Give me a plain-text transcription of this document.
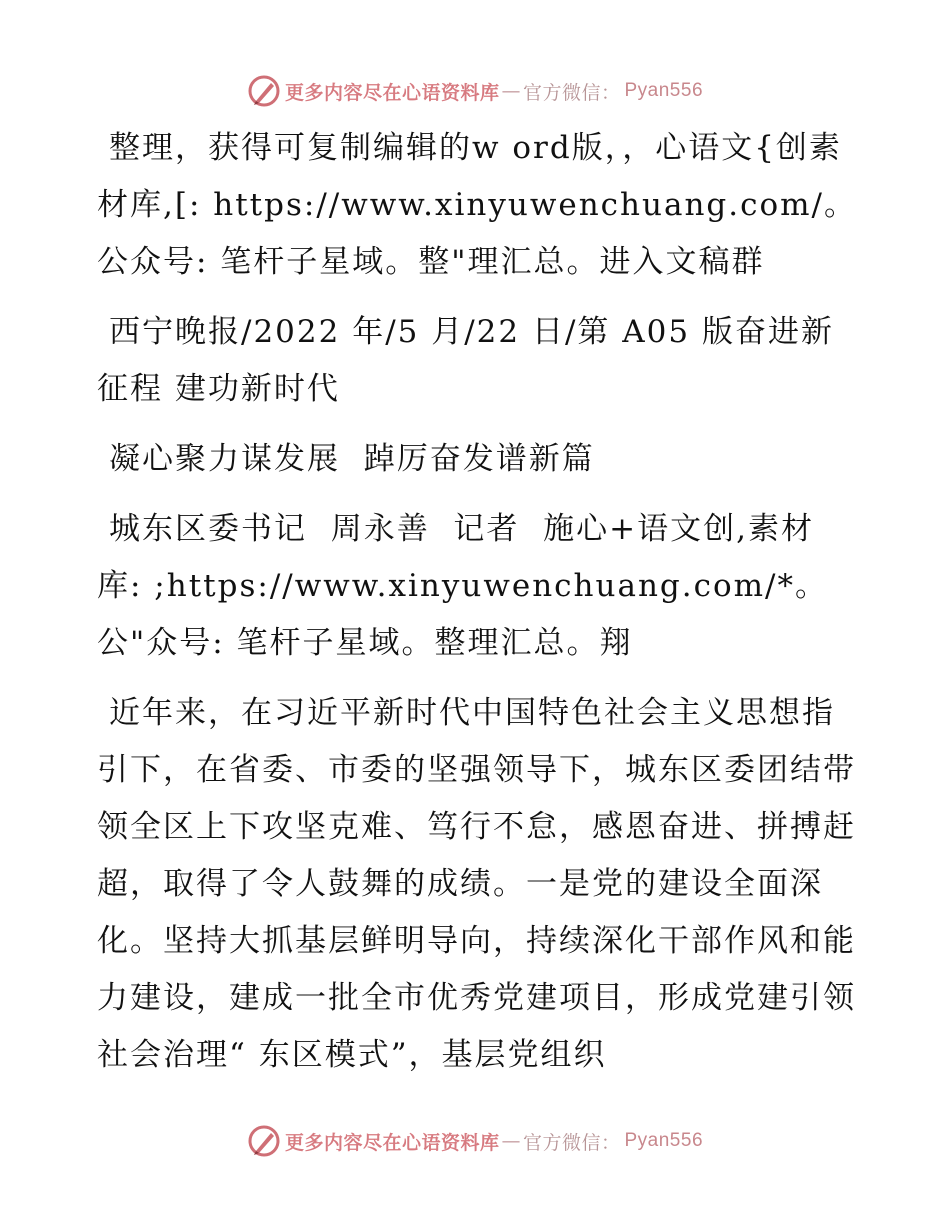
更多内容尽在心语资料库 — 官方微信： Pyan556

整理，获得可复制编辑的w ord版，，心语文{创素材库,[: https://www.xinyuwenchuang.com/。公众号: 笔杆子星域。整"理汇总。进入文稿群

西宁晚报/2022 年/5 月/22 日/第 A05 版奋进新征程 建功新时代

凝心聚力谋发展  踔厉奋发谱新篇

城东区委书记  周永善  记者  施心+语文创,素材库: ;https://www.xinyuwenchuang.com/*。公"众号: 笔杆子星域。整理汇总。翔

近年来，在习近平新时代中国特色社会主义思想指引下，在省委、市委的坚强领导下，城东区委团结带领全区上下攻坚克难、笃行不怠，感恩奋进、拼搏赶超，取得了令人鼓舞的成绩。一是党的建设全面深化。坚持大抓基层鲜明导向，持续深化干部作风和能力建设，建成一批全市优秀党建项目，形成党建引领社会治理“ 东区模式”，基层党组织

更多内容尽在心语资料库 — 官方微信： Pyan556
